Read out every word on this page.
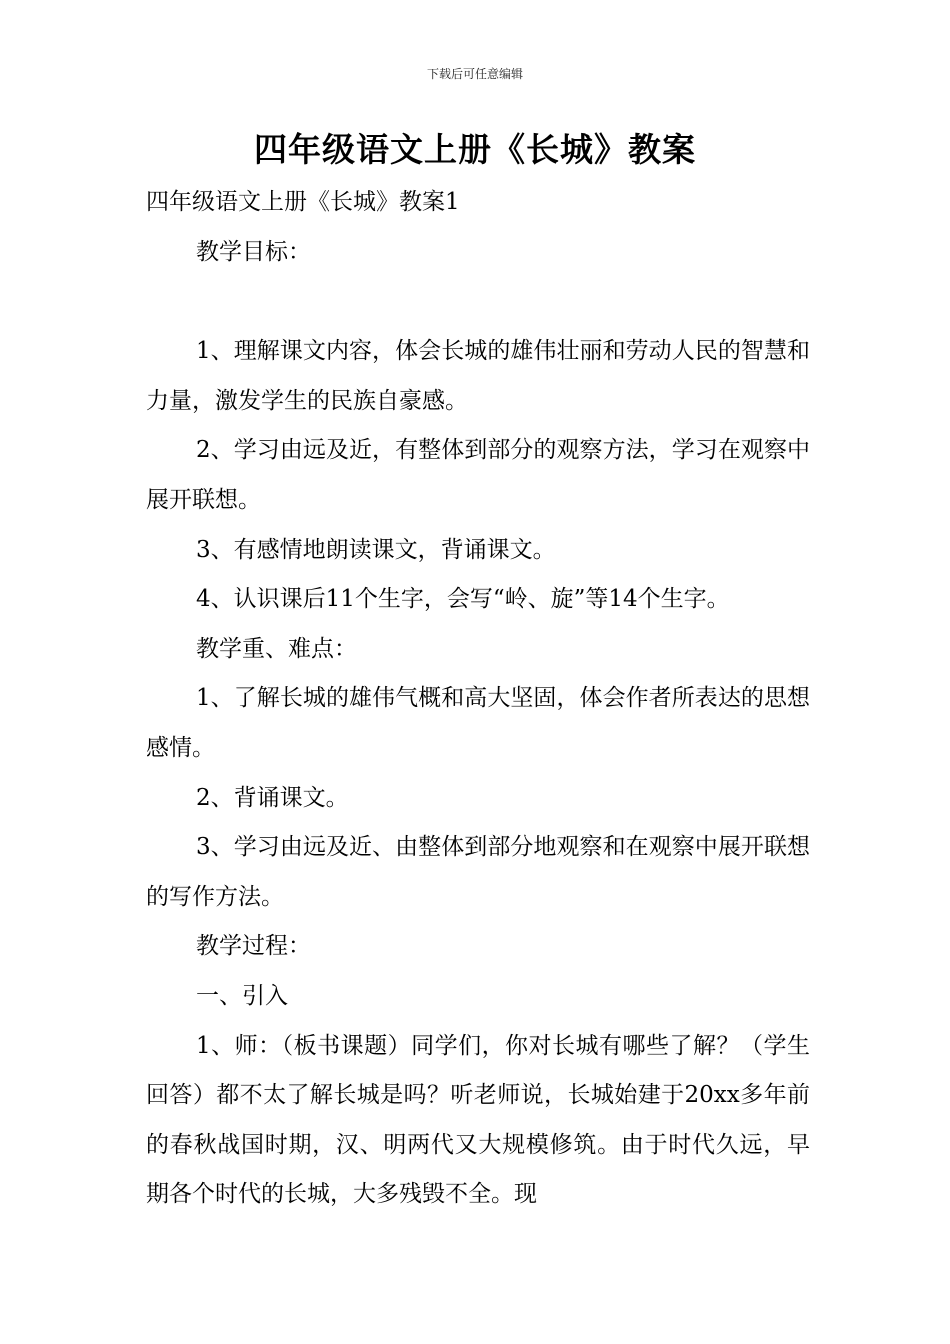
下载后可任意编辑
四年级语文上册《长城》教案

四年级语文上册《长城》教案1

教学目标：

1、理解课文内容，体会长城的雄伟壮丽和劳动人民的智慧和力量，激发学生的民族自豪感。

2、学习由远及近，有整体到部分的观察方法，学习在观察中展开联想。

3、有感情地朗读课文，背诵课文。

4、认识课后11个生字，会写“岭、旋”等14个生字。

教学重、难点：

1、了解长城的雄伟气概和高大坚固，体会作者所表达的思想感情。

2、背诵课文。

3、学习由远及近、由整体到部分地观察和在观察中展开联想的写作方法。

教学过程：

一、引入

1、师：（板书课题）同学们，你对长城有哪些了解？（学生回答）都不太了解长城是吗？听老师说，长城始建于20xx多年前的春秋战国时期，汉、明两代又大规模修筑。由于时代久远，早期各个时代的长城，大多残毁不全。现
